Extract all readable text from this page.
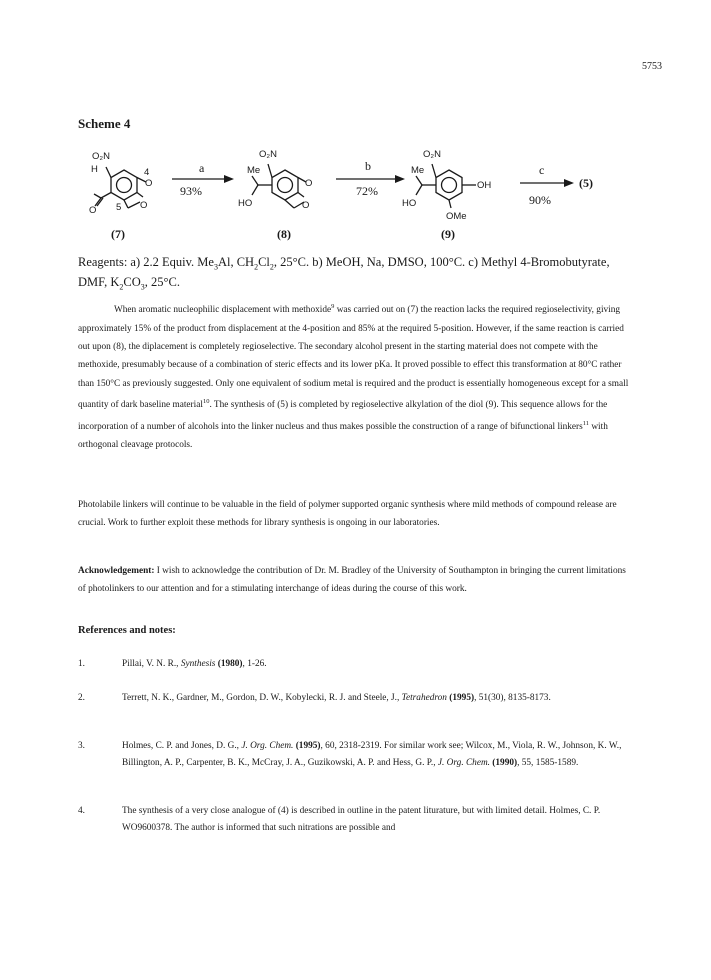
5753
Scheme 4
O₂N
H
O
O
O
4
5
O₂N
Me
HO
O
O
O₂N
Me
HO
OH
OMe
a
93%
b
72%
c
90%
(5)
(7)	(8)	(9)
Reagents: a) 2.2 Equiv. $Me_3Al$, $CH_2Cl_2$, 25°C. b) MeOH, Na, DMSO, 100°C. c) Methyl 4-Bromobutyrate, DMF, $K_2CO_3$, 25°C.
When aromatic nucleophilic displacement with methoxide$^9$ was carried out on (7) the reaction lacks the required regioselectivity, giving approximately 15% of the product from displacement at the 4-position and 85% at the required 5-position. However, if the same reaction is carried out upon (8), the diplacement is completely regioselective. The secondary alcohol present in the starting material does not compete with the methoxide, presumably because of a combination of steric effects and its lower pKa. It proved possible to effect this transformation at 80°C rather than 150°C as previously suggested. Only one equivalent of sodium metal is required and the product is essentially homogeneous except for a small quantity of dark baseline material$^{10}$. The synthesis of (5) is completed by regioselective alkylation of the diol (9). This sequence allows for the incorporation of a number of alcohols into the linker nucleus and thus makes possible the construction of a range of bifunctional linkers$^{11}$ with orthogonal cleavage protocols.
Photolabile linkers will continue to be valuable in the field of polymer supported organic synthesis where mild methods of compound release are crucial. Work to further exploit these methods for library synthesis is ongoing in our laboratories.
Acknowledgement: I wish to acknowledge the contribution of Dr. M. Bradley of the University of Southampton in bringing the current limitations of photolinkers to our attention and for a stimulating interchange of ideas during the course of this work.
References and notes:
1.	Pillai, V. N. R., Synthesis (1980), 1-26.
2.	Terrett, N. K., Gardner, M., Gordon, D. W., Kobylecki, R. J. and Steele, J., Tetrahedron (1995), 51(30), 8135-8173.
3.	Holmes, C. P. and Jones, D. G., J. Org. Chem. (1995), 60, 2318-2319. For similar work see; Wilcox, M., Viola, R. W., Johnson, K. W., Billington, A. P., Carpenter, B. K., McCray, J. A., Guzikowski, A. P. and Hess, G. P., J. Org. Chem. (1990), 55, 1585-1589.
4.	The synthesis of a very close analogue of (4) is described in outline in the patent liturature, but with limited detail. Holmes, C. P. WO9600378. The author is informed that such nitrations are possible and
